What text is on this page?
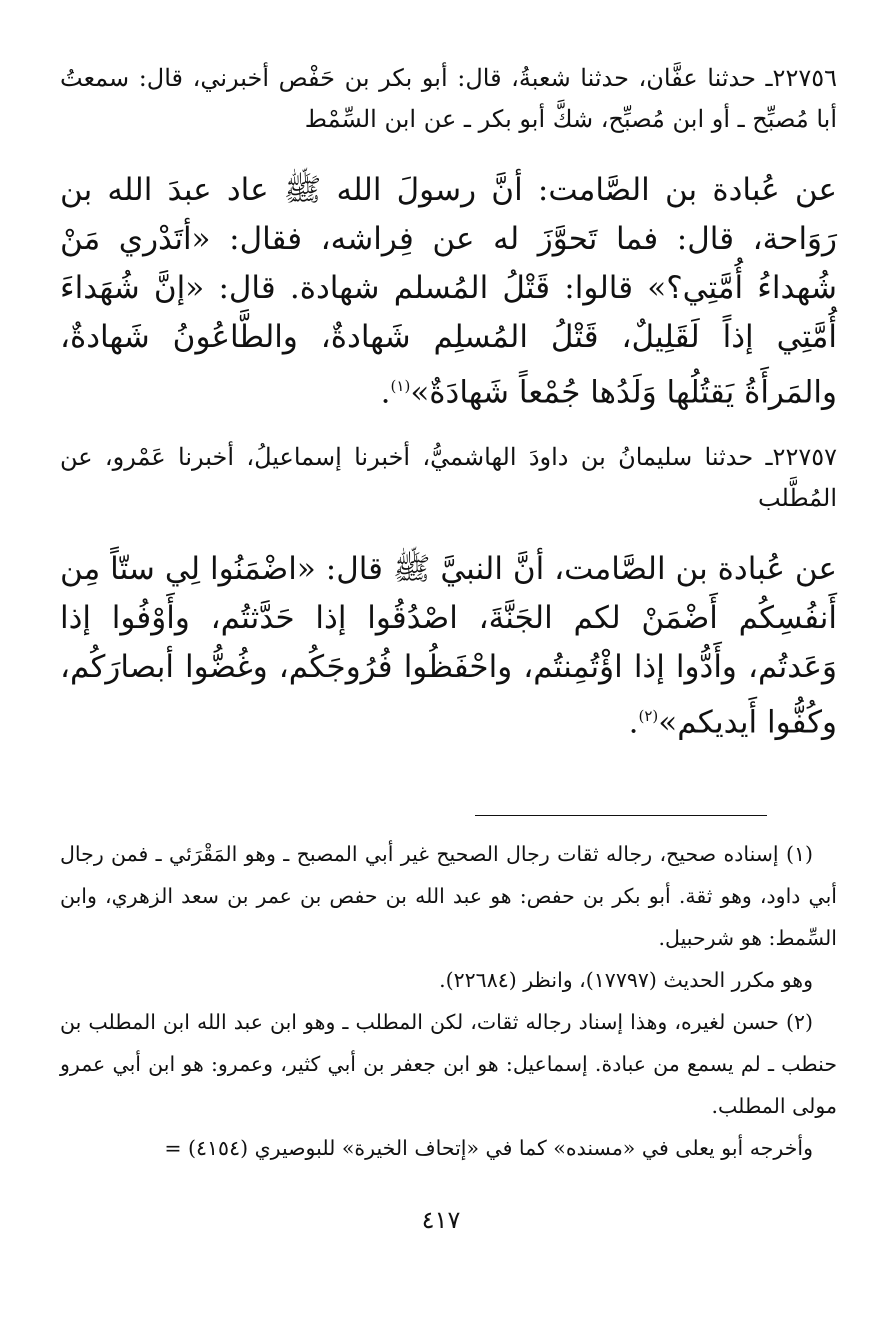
٢٢٧٥٦ـ حدثنا عفَّان، حدثنا شعبةُ، قال: أبو بكر بن حَفْص أخبرني، قال: سمعتُ أبا مُصبِّح ـ أو ابن مُصبِّح، شكَّ أبو بكر ـ عن ابن السِّمْط

عن عُبادة بن الصَّامت: أنَّ رسولَ الله ﷺ عاد عبدَ الله بن رَوَاحة، قال: فما تَحوَّزَ له عن فِراشه، فقال: «أتَدْري مَنْ شُهداءُ أُمَّتِي؟» قالوا: قَتْلُ المُسلم شهادة. قال: «إنَّ شُهَداءَ أُمَّتِي إذاً لَقَلِيلٌ، قَتْلُ المُسلِم شَهادةٌ، والطَّاعُونُ شَهادةٌ، والمَرأَةُ يَقتُلُها وَلَدُها جُمْعاً شَهادَةٌ»$^{(١)}$.

٢٢٧٥٧ـ حدثنا سليمانُ بن داودَ الهاشميُّ، أخبرنا إسماعيلُ، أخبرنا عَمْرو، عن المُطَّلب

عن عُبادة بن الصَّامت، أنَّ النبيَّ ﷺ قال: «اضْمَنُوا لِي ستّاً مِن أَنفُسِكُم أَضْمَنْ لكم الجَنَّةَ، اصْدُقُوا إذا حَدَّثتُم، وأَوْفُوا إذا وَعَدتُم، وأَدُّوا إذا اؤْتُمِنتُم، واحْفَظُوا فُرُوجَكُم، وغُضُّوا أبصارَكُم، وكُفُّوا أَيديكم»$^{(٢)}$.

(١) إسناده صحيح، رجاله ثقات رجال الصحيح غير أبي المصبح ـ وهو المَقْرَئي ـ فمن رجال أبي داود، وهو ثقة. أبو بكر بن حفص: هو عبد الله بن حفص بن عمر بن سعد الزهري، وابن السِّمط: هو شرحبيل.

وهو مكرر الحديث (١٧٧٩٧)، وانظر (٢٢٦٨٤).

(٢) حسن لغيره، وهذا إسناد رجاله ثقات، لكن المطلب ـ وهو ابن عبد الله ابن المطلب بن حنطب ـ لم يسمع من عبادة. إسماعيل: هو ابن جعفر بن أبي كثير، وعمرو: هو ابن أبي عمرو مولى المطلب.

وأخرجه أبو يعلى في «مسنده» كما في «إتحاف الخيرة» للبوصيري (٤١٥٤) =

٤١٧
